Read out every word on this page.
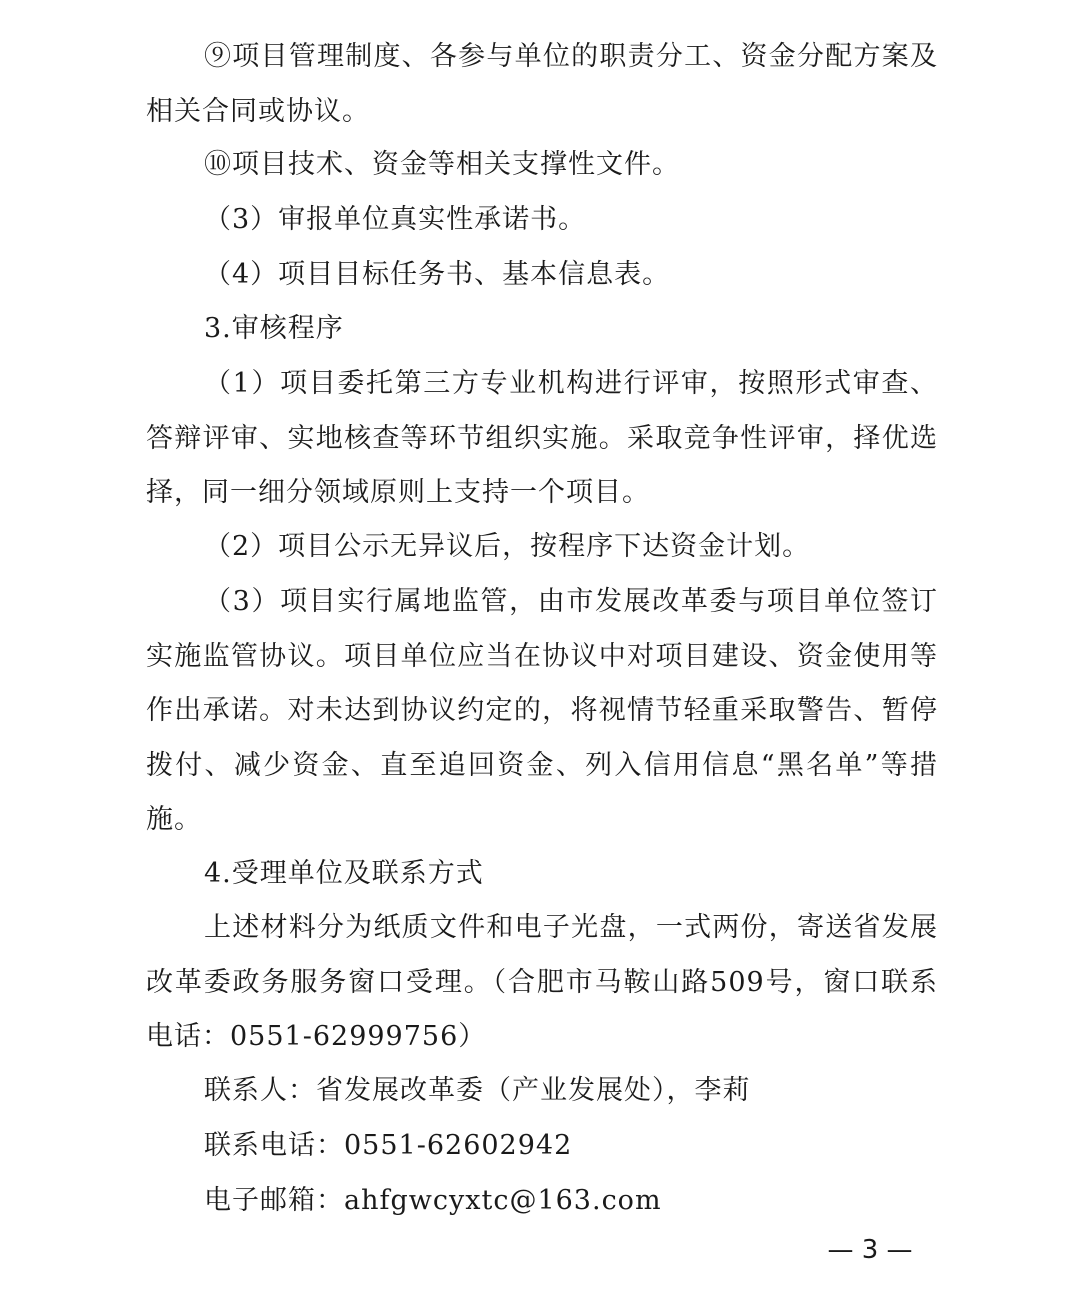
⑨项目管理制度、各参与单位的职责分工、资金分配方案及相关合同或协议。

⑩项目技术、资金等相关支撑性文件。

（3）审报单位真实性承诺书。

（4）项目目标任务书、基本信息表。

3.审核程序

（1）项目委托第三方专业机构进行评审，按照形式审查、答辩评审、实地核查等环节组织实施。采取竞争性评审，择优选择，同一细分领域原则上支持一个项目。

（2）项目公示无异议后，按程序下达资金计划。

（3）项目实行属地监管，由市发展改革委与项目单位签订实施监管协议。项目单位应当在协议中对项目建设、资金使用等作出承诺。对未达到协议约定的，将视情节轻重采取警告、暂停拨付、减少资金、直至追回资金、列入信用信息“黑名单”等措施。

4.受理单位及联系方式

上述材料分为纸质文件和电子光盘，一式两份，寄送省发展改革委政务服务窗口受理。（合肥市马鞍山路509号，窗口联系电话：0551-62999756）

联系人：省发展改革委（产业发展处），李莉

联系电话：0551-62602942

电子邮箱：ahfgwcyxtc@163.com

— 3 —
